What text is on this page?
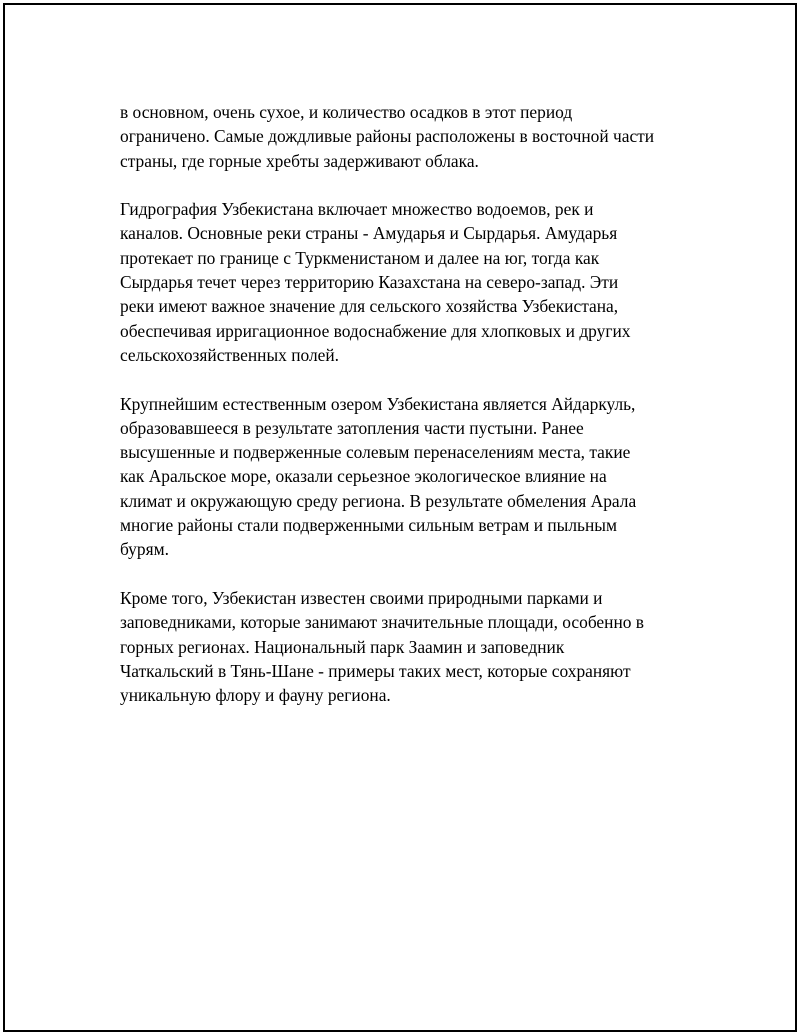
в основном, очень сухое, и количество осадков в этот период
ограничено. Самые дождливые районы расположены в восточной части
страны, где горные хребты задерживают облака.

Гидрография Узбекистана включает множество водоемов, рек и
каналов. Основные реки страны - Амударья и Сырдарья. Амударья
протекает по границе с Туркменистаном и далее на юг, тогда как
Сырдарья течет через территорию Казахстана на северо-запад. Эти
реки имеют важное значение для сельского хозяйства Узбекистана,
обеспечивая ирригационное водоснабжение для хлопковых и других
сельскохозяйственных полей.

Крупнейшим естественным озером Узбекистана является Айдаркуль,
образовавшееся в результате затопления части пустыни. Ранее
высушенные и подверженные солевым перенаселениям места, такие
как Аральское море, оказали серьезное экологическое влияние на
климат и окружающую среду региона. В результате обмеления Арала
многие районы стали подверженными сильным ветрам и пыльным
бурям.

Кроме того, Узбекистан известен своими природными парками и
заповедниками, которые занимают значительные площади, особенно в
горных регионах. Национальный парк Заамин и заповедник
Чаткальский в Тянь-Шане - примеры таких мест, которые сохраняют
уникальную флору и фауну региона.
